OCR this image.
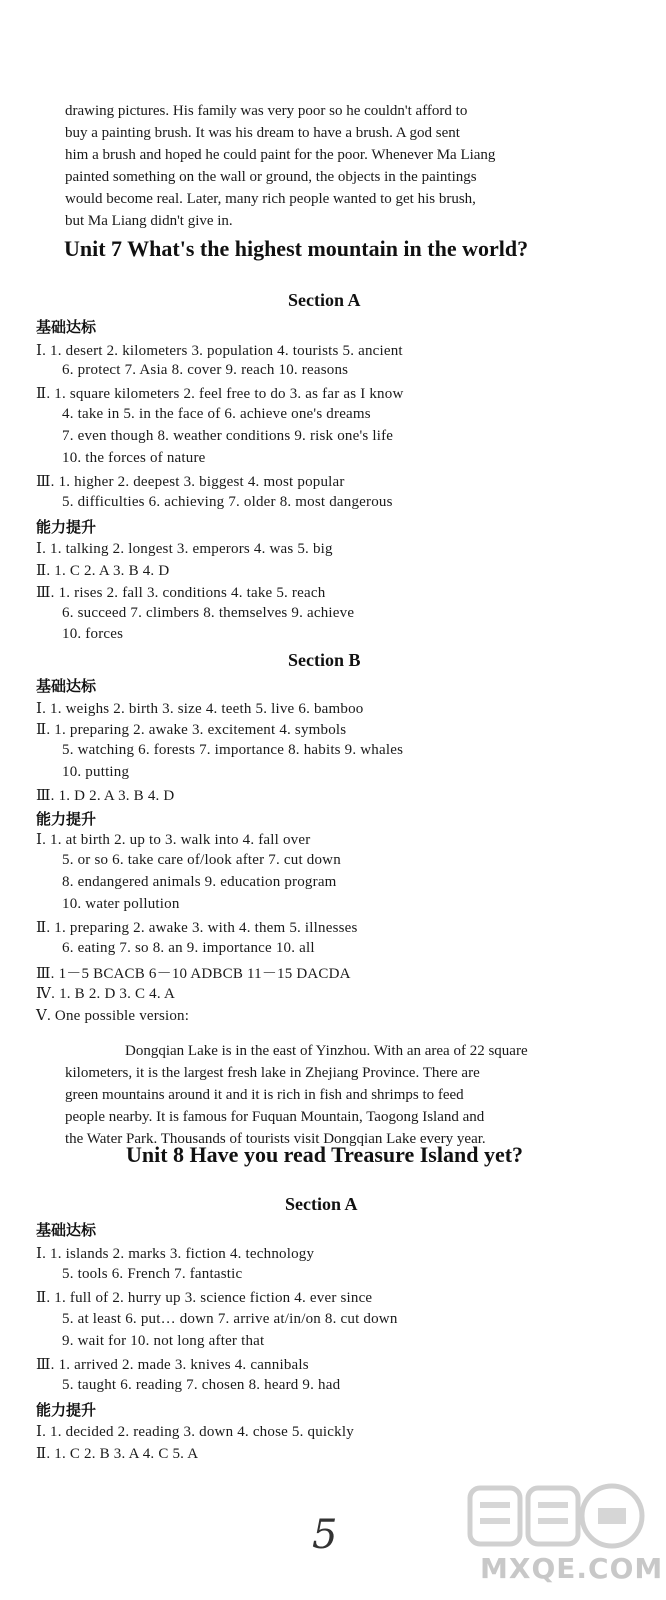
drawing pictures. His family was very poor so he couldn't afford to
buy a painting brush. It was his dream to have a brush. A god sent
him a brush and hoped he could paint for the poor. Whenever Ma Liang
painted something on the wall or ground, the objects in the paintings
would become real. Later, many rich people wanted to get his brush,
but Ma Liang didn't give in.
Unit 7 What's the highest mountain in the world?
Section A
基础达标
Ⅰ. 1. desert 2. kilometers 3. population 4. tourists 5. ancient
6. protect 7. Asia 8. cover 9. reach 10. reasons
Ⅱ. 1. square kilometers 2. feel free to do 3. as far as I know
4. take in 5. in the face of 6. achieve one's dreams
7. even though 8. weather conditions 9. risk one's life
10. the forces of nature
Ⅲ. 1. higher 2. deepest 3. biggest 4. most popular
5. difficulties 6. achieving 7. older 8. most dangerous
能力提升
Ⅰ. 1. talking 2. longest 3. emperors 4. was 5. big
Ⅱ. 1. C 2. A 3. B 4. D
Ⅲ. 1. rises 2. fall 3. conditions 4. take 5. reach
6. succeed 7. climbers 8. themselves 9. achieve
10. forces
Section B
基础达标
Ⅰ. 1. weighs 2. birth 3. size 4. teeth 5. live 6. bamboo
Ⅱ. 1. preparing 2. awake 3. excitement 4. symbols
5. watching 6. forests 7. importance 8. habits 9. whales
10. putting
Ⅲ. 1. D 2. A 3. B 4. D
能力提升
Ⅰ. 1. at birth 2. up to 3. walk into 4. fall over
5. or so 6. take care of/look after 7. cut down
8. endangered animals 9. education program
10. water pollution
Ⅱ. 1. preparing 2. awake 3. with 4. them 5. illnesses
6. eating 7. so 8. an 9. importance 10. all
Ⅲ. 1－5 BCACB 6－10 ADBCB 11－15 DACDA
Ⅳ. 1. B 2. D 3. C 4. A
Ⅴ. One possible version:
Dongqian Lake is in the east of Yinzhou. With an area of 22 square
kilometers, it is the largest fresh lake in Zhejiang Province. There are
green mountains around it and it is rich in fish and shrimps to feed
people nearby. It is famous for Fuquan Mountain, Taogong Island and
the Water Park. Thousands of tourists visit Dongqian Lake every year.
Unit 8 Have you read Treasure Island yet?
Section A
基础达标
Ⅰ. 1. islands 2. marks 3. fiction 4. technology
5. tools 6. French 7. fantastic
Ⅱ. 1. full of 2. hurry up 3. science fiction 4. ever since
5. at least 6. put… down 7. arrive at/in/on 8. cut down
9. wait for 10. not long after that
Ⅲ. 1. arrived 2. made 3. knives 4. cannibals
5. taught 6. reading 7. chosen 8. heard 9. had
能力提升
Ⅰ. 1. decided 2. reading 3. down 4. chose 5. quickly
Ⅱ. 1. C 2. B 3. A 4. C 5. A
5
MXQE.COM
